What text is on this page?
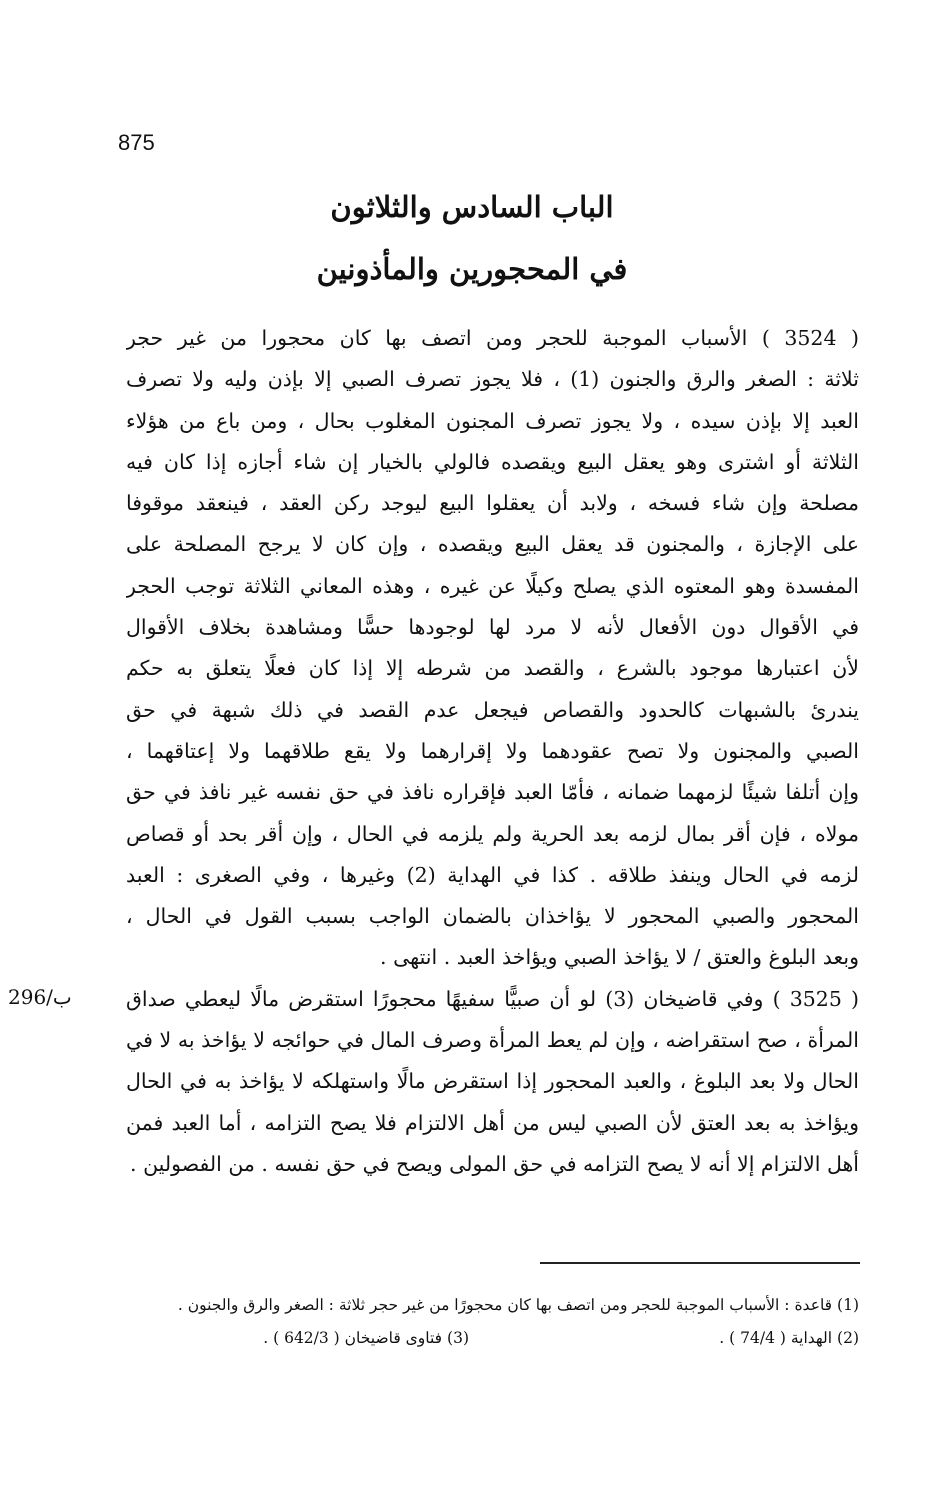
875
الباب السادس والثلاثون
في المحجورين والمأذونين
( 3524 ) الأسباب الموجبة للحجر ومن اتصف بها كان محجورا من غير حجر
ثلاثة : الصغر والرق والجنون (1) ، فلا يجوز تصرف الصبي إلا بإذن وليه ولا تصرف
العبد إلا بإذن سيده ، ولا يجوز تصرف المجنون المغلوب بحال ، ومن باع من هؤلاء
الثلاثة أو اشترى وهو يعقل البيع ويقصده فالولي بالخيار إن شاء أجازه إذا كان فيه
مصلحة وإن شاء فسخه ، ولابد أن يعقلوا البيع ليوجد ركن العقد ، فينعقد موقوفا
على الإجازة ، والمجنون قد يعقل البيع ويقصده ، وإن كان لا يرجح المصلحة على
المفسدة وهو المعتوه الذي يصلح وكيلًا عن غيره ، وهذه المعاني الثلاثة توجب الحجر
في الأقوال دون الأفعال لأنه لا مرد لها لوجودها حسًّا ومشاهدة بخلاف الأقوال
لأن اعتبارها موجود بالشرع ، والقصد من شرطه إلا إذا كان فعلًا يتعلق به حكم
يندرئ بالشبهات كالحدود والقصاص فيجعل عدم القصد في ذلك شبهة في حق
الصبي والمجنون ولا تصح عقودهما ولا إقرارهما ولا يقع طلاقهما ولا إعتاقهما ،
وإن أتلفا شيئًا لزمهما ضمانه ، فأمّا العبد فإقراره نافذ في حق نفسه غير نافذ في حق
مولاه ، فإن أقر بمال لزمه بعد الحرية ولم يلزمه في الحال ، وإن أقر بحد أو قصاص
لزمه في الحال وينفذ طلاقه . كذا في الهداية (2) وغيرها ، وفي الصغرى : العبد
المحجور والصبي المحجور لا يؤاخذان بالضمان الواجب بسبب القول في الحال ،
وبعد البلوغ والعتق / لا يؤاخذ الصبي ويؤاخذ العبد . انتهى .
( 3525 ) وفي قاضيخان (3) لو أن صبيًّا سفيهًا محجورًا استقرض مالًا ليعطي صداق
المرأة ، صح استقراضه ، وإن لم يعط المرأة وصرف المال في حوائجه لا يؤاخذ به لا في
الحال ولا بعد البلوغ ، والعبد المحجور إذا استقرض مالًا واستهلكه لا يؤاخذ به في الحال
ويؤاخذ به بعد العتق لأن الصبي ليس من أهل الالتزام فلا يصح التزامه ، أما العبد فمن
أهل الالتزام إلا أنه لا يصح التزامه في حق المولى ويصح في حق نفسه . من الفصولين .
296/ب
(1) قاعدة : الأسباب الموجبة للحجر ومن اتصف بها كان محجورًا من غير حجر ثلاثة : الصغر والرق والجنون .
(2) الهداية ( 74/4 ) .
(3) فتاوى قاضيخان ( 642/3 ) .
